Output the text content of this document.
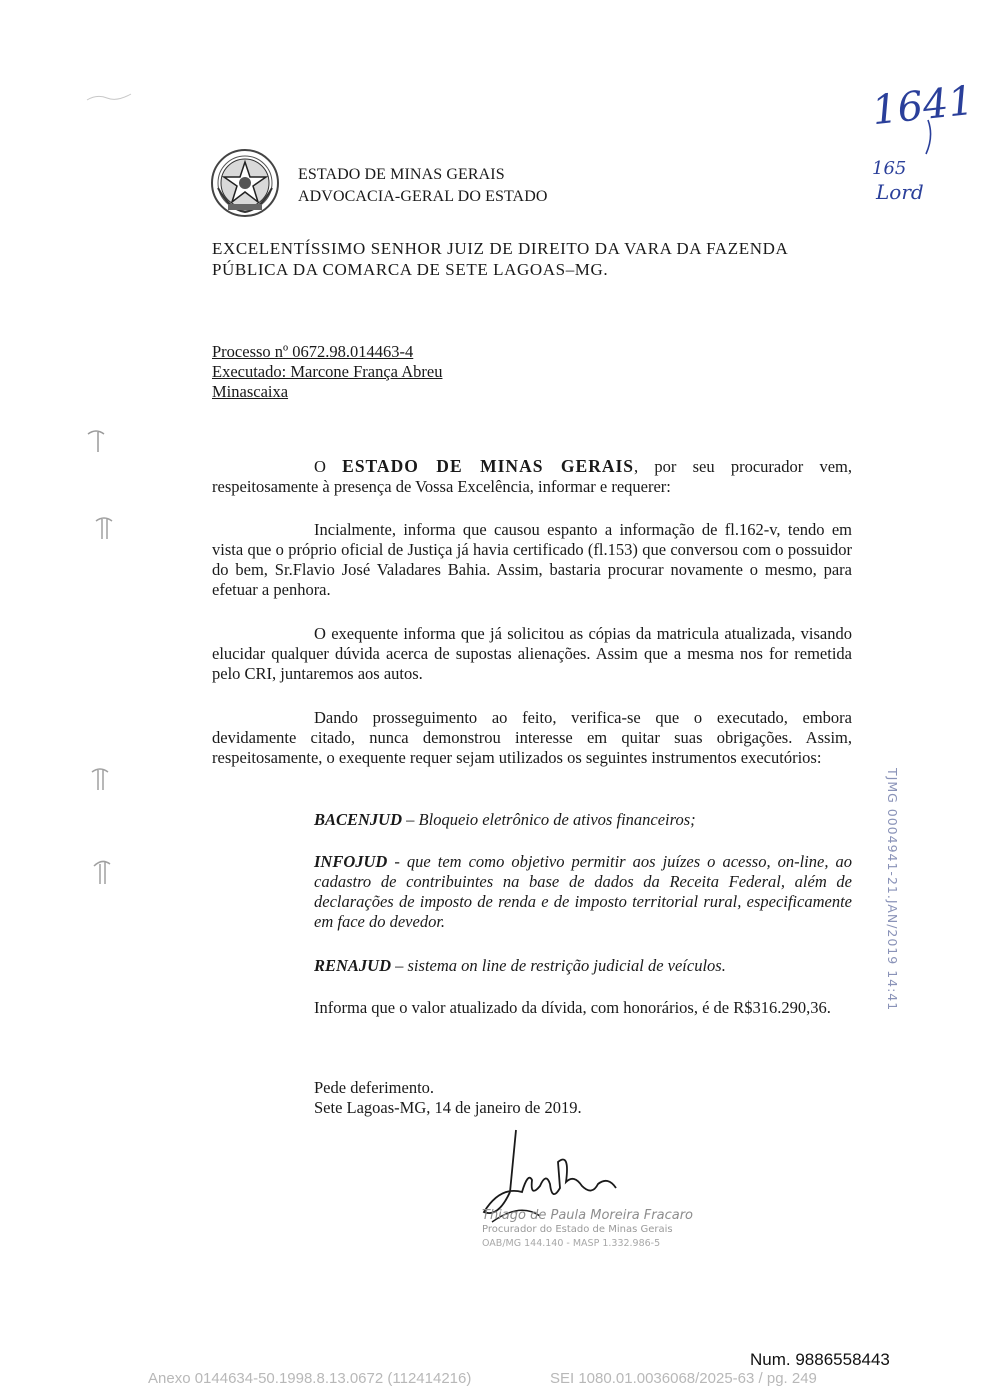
ESTADO DE MINAS GERAIS
ADVOCACIA-GERAL DO ESTADO
1641
165
Lord
EXCELENTÍSSIMO SENHOR JUIZ DE DIREITO DA VARA DA FAZENDA
PÚBLICA DA COMARCA DE SETE LAGOAS–MG.
Processo nº 0672.98.014463-4
Executado: Marcone França Abreu
Minascaixa
O ESTADO DE MINAS GERAIS, por seu procurador vem, respeitosamente à presença de Vossa Excelência, informar e requerer:
Incialmente, informa que causou espanto a informação de fl.162-v, tendo em vista que o próprio oficial de Justiça já havia certificado (fl.153) que conversou com o possuidor do bem, Sr.Flavio José Valadares Bahia. Assim, bastaria procurar novamente o mesmo, para efetuar a penhora.
O exequente informa que já solicitou as cópias da matricula atualizada, visando elucidar qualquer dúvida acerca de supostas alienações. Assim que a mesma nos for remetida pelo CRI, juntaremos aos autos.
Dando prosseguimento ao feito, verifica-se que o executado, embora devidamente citado, nunca demonstrou interesse em quitar suas obrigações. Assim, respeitosamente, o exequente requer sejam utilizados os seguintes instrumentos executórios:
BACENJUD – Bloqueio eletrônico de ativos financeiros;
INFOJUD - que tem como objetivo permitir aos juízes o acesso, on-line, ao cadastro de contribuintes na base de dados da Receita Federal, além de declarações de imposto de renda e de imposto territorial rural, especificamente em face do devedor.
RENAJUD – sistema on line de restrição judicial de veículos.
Informa que o valor atualizado da dívida, com honorários, é de R$316.290,36.
Pede deferimento.
Sete Lagoas-MG, 14 de janeiro de 2019.
Thiago de Paula Moreira Fracaro
Procurador do Estado de Minas Gerais
OAB/MG 144.140 - MASP 1.332.986-5
TJMG 0004941-21.JAN/2019 14:41
Num. 9886558443
Anexo 0144634-50.1998.8.13.0672 (112414216)	SEI 1080.01.0036068/2025-63 / pg. 249
